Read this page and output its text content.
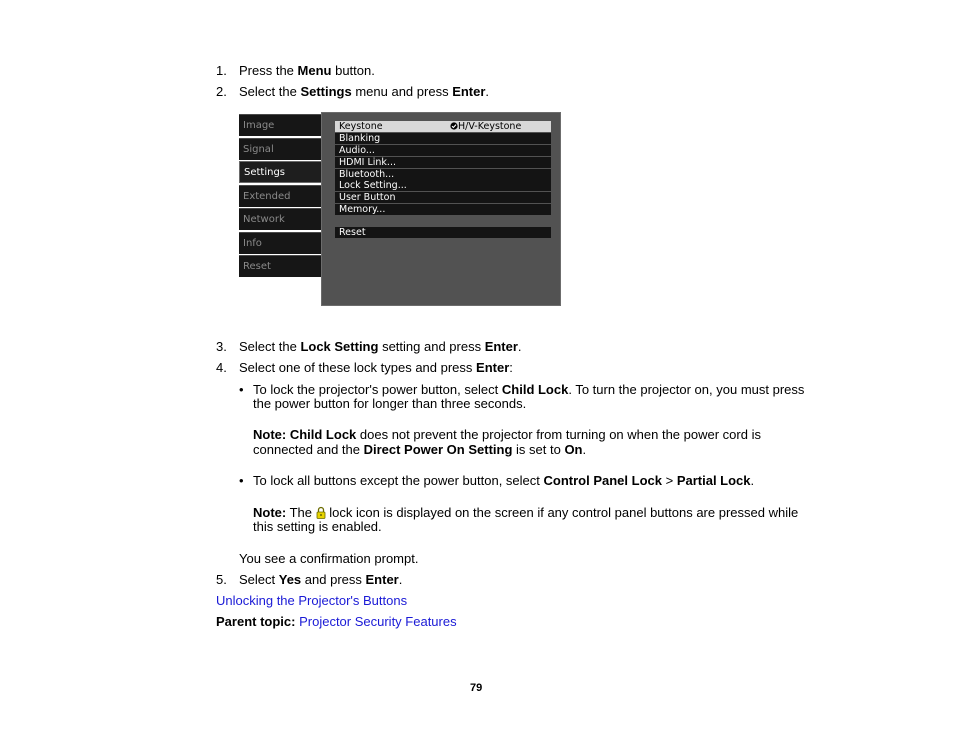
1. Press the Menu button.
2. Select the Settings menu and press Enter.
Image
Signal
Settings
Extended
Network
Info
Reset
Keystone	H/V-Keystone
Blanking
Audio...
HDMI Link...
Bluetooth...
Lock Setting...
User Button
Memory...
Reset
3. Select the Lock Setting setting and press Enter.
4. Select one of these lock types and press Enter:
• To lock the projector's power button, select Child Lock. To turn the projector on, you must press
the power button for longer than three seconds.
Note: Child Lock does not prevent the projector from turning on when the power cord is
connected and the Direct Power On Setting is set to On.
• To lock all buttons except the power button, select Control Panel Lock > Partial Lock.
Note: The  lock icon is displayed on the screen if any control panel buttons are pressed while
this setting is enabled.
You see a confirmation prompt.
5. Select Yes and press Enter.
Unlocking the Projector's Buttons
Parent topic: Projector Security Features
79
